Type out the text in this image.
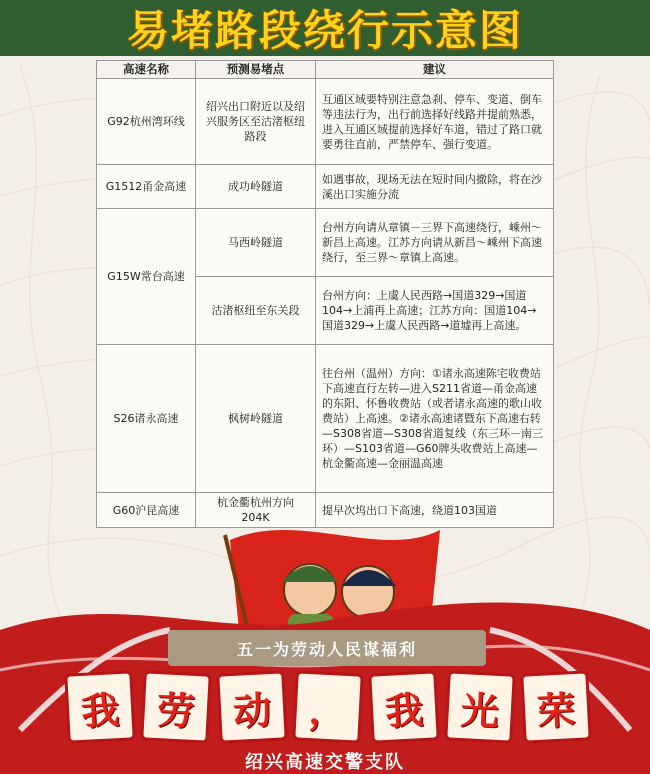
易堵路段绕行示意图
高速名称	预测易堵点	建议
G92杭州湾环线	绍兴出口附近以及绍兴服务区至沽渚枢纽路段	互通区域要特别注意急刹、停车、变道、倒车等违法行为，出行前选择好线路并提前熟悉，进入互通区域提前选择好车道，错过了路口就要勇往直前，严禁停车、强行变道。
G1512甬金高速	成功岭隧道	如遇事故，现场无法在短时间内撤除，将在沙溪出口实施分流
G15W常台高速	马西岭隧道	台州方向请从章镇－三界下高速绕行，嵊州～新昌上高速。江苏方向请从新昌～嵊州下高速绕行，至三界～章镇上高速。
	沽渚枢纽至东关段	台州方向：上虞人民西路→国道329→国道104→上浦再上高速；江苏方向：国道104→国道329→上虞人民西路→道墟再上高速。
S26诸永高速	枫树岭隧道	往台州（温州）方向：①诸永高速陈宅收费站下高速直行左转—进入S211省道—甬金高速的东阳、怀鲁收费站（或者诸永高速的歌山收费站）上高速。②诸永高速诸暨东下高速右转—S308省道—S308省道复线（东三环－南三环）—S103省道—G60牌头收费站上高速—杭金衢高速—金丽温高速
G60沪昆高速	杭金衢杭州方向204K	提早次坞出口下高速，绕道103国道
五一为劳动人民谋福利
我 劳 动 ， 我 光 荣
绍兴高速交警支队
